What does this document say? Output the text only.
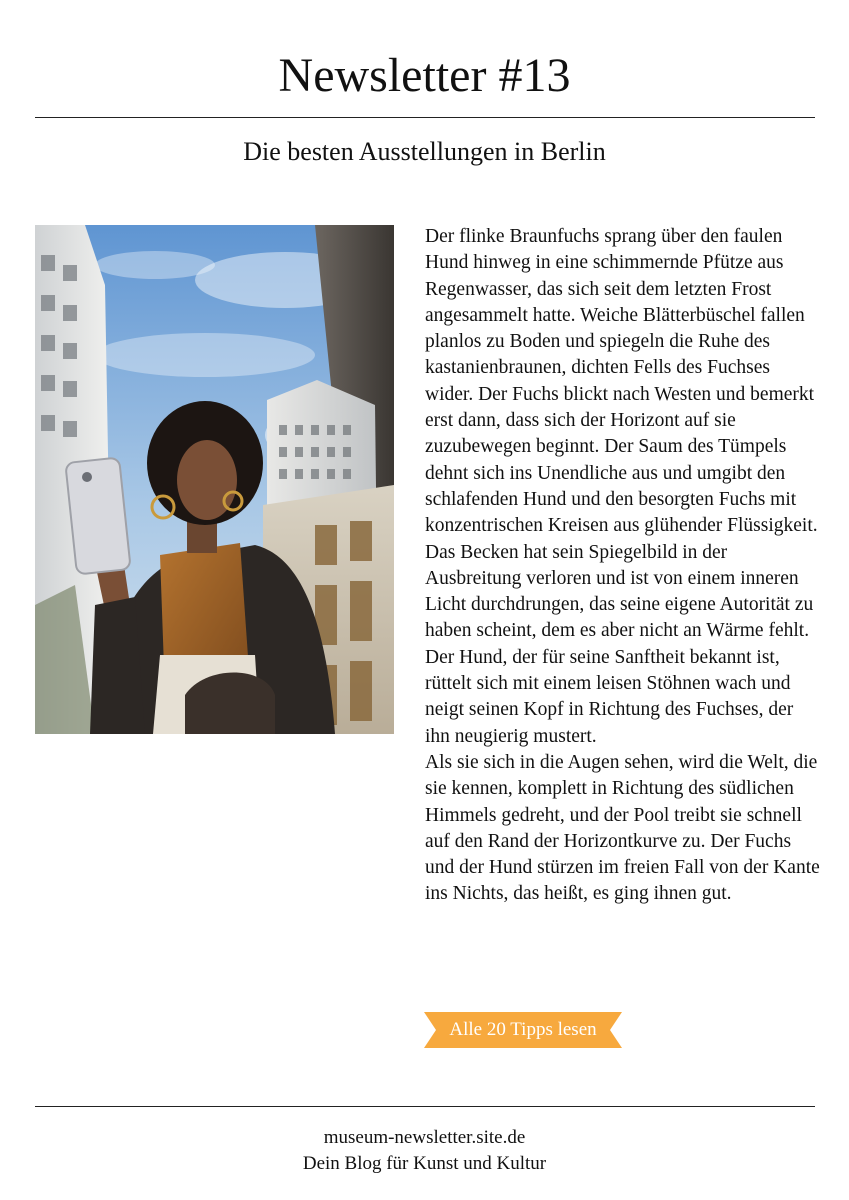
Newsletter #13
Die besten Ausstellungen in Berlin

Der flinke Braunfuchs sprang über den faulen Hund hinweg in eine schimmernde Pfütze aus Regenwasser, das sich seit dem letzten Frost angesammelt hatte. Weiche Blätterbüschel fallen planlos zu Boden und spiegeln die Ruhe des kastanienbraunen, dichten Fells des Fuchses wider. Der Fuchs blickt nach Westen und bemerkt erst dann, dass sich der Horizont auf sie zuzubewegen beginnt. Der Saum des Tümpels dehnt sich ins Unendliche aus und umgibt den schlafenden Hund und den besorgten Fuchs mit konzentrischen Kreisen aus glühender Flüssigkeit. Das Becken hat sein Spiegelbild in der Ausbreitung verloren und ist von einem inneren Licht durchdrungen, das seine eigene Autorität zu haben scheint, dem es aber nicht an Wärme fehlt. Der Hund, der für seine Sanftheit bekannt ist, rüttelt sich mit einem leisen Stöhnen wach und neigt seinen Kopf in Richtung des Fuchses, der ihn neugierig mustert.

Als sie sich in die Augen sehen, wird die Welt, die sie kennen, komplett in Richtung des südlichen Himmels gedreht, und der Pool treibt sie schnell auf den Rand der Horizontkurve zu. Der Fuchs und der Hund stürzen im freien Fall von der Kante ins Nichts, das heißt, es ging ihnen gut.

Alle 20 Tipps lesen
museum-newsletter.site.de
Dein Blog für Kunst und Kultur
